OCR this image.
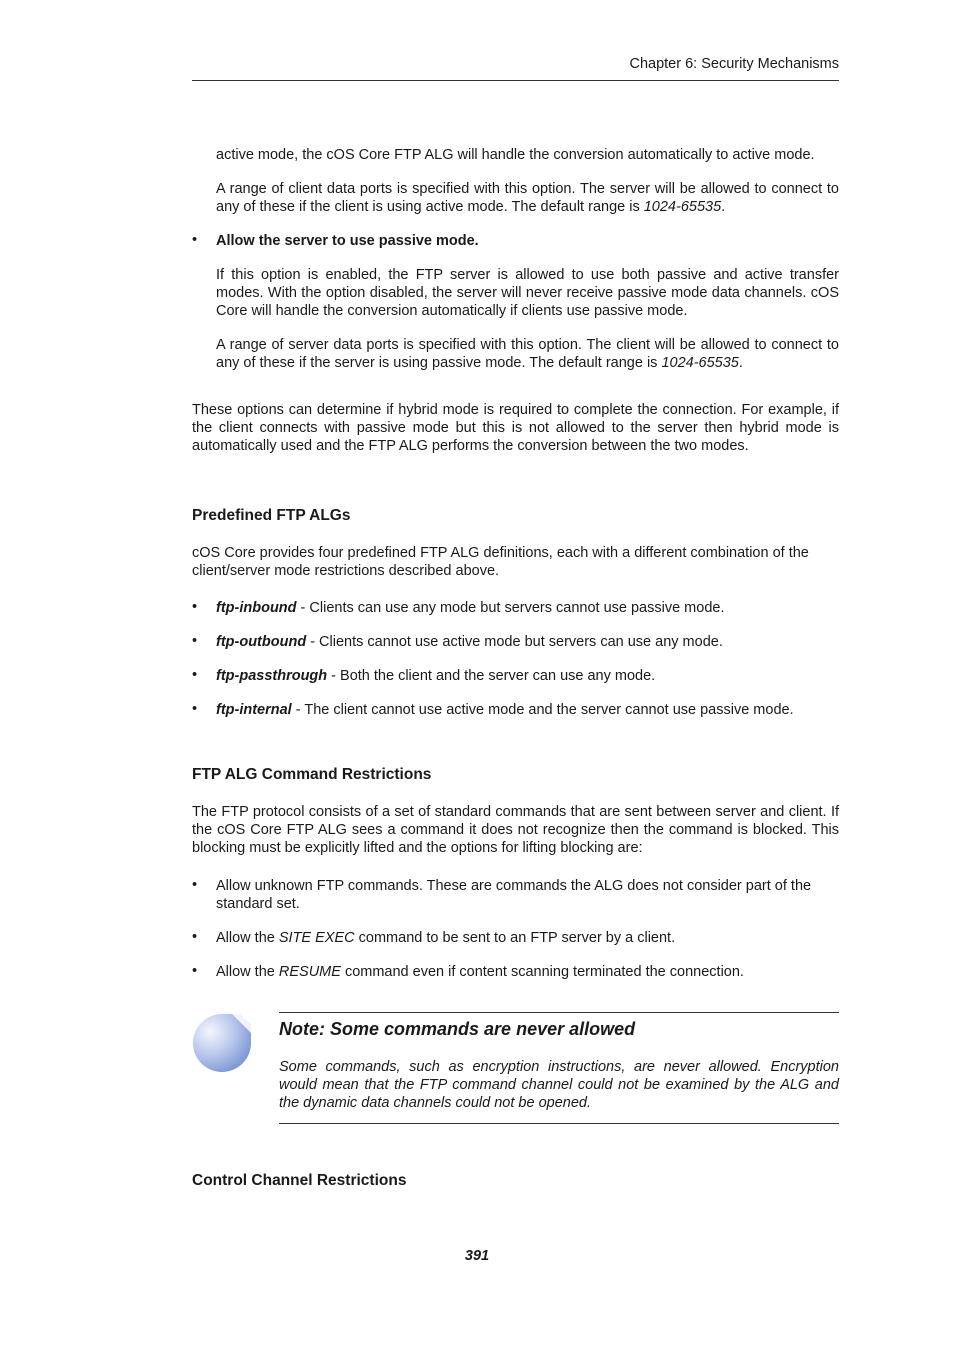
Chapter 6: Security Mechanisms

active mode, the cOS Core FTP ALG will handle the conversion automatically to active mode.

A range of client data ports is specified with this option. The server will be allowed to connect to any of these if the client is using active mode. The default range is 1024-65535.

•	Allow the server to use passive mode.

If this option is enabled, the FTP server is allowed to use both passive and active transfer modes. With the option disabled, the server will never receive passive mode data channels. cOS Core will handle the conversion automatically if clients use passive mode.

A range of server data ports is specified with this option. The client will be allowed to connect to any of these if the server is using passive mode. The default range is 1024-65535.

These options can determine if hybrid mode is required to complete the connection. For example, if the client connects with passive mode but this is not allowed to the server then hybrid mode is automatically used and the FTP ALG performs the conversion between the two modes.

Predefined FTP ALGs

cOS Core provides four predefined FTP ALG definitions, each with a different combination of the client/server mode restrictions described above.

•	ftp-inbound - Clients can use any mode but servers cannot use passive mode.

•	ftp-outbound - Clients cannot use active mode but servers can use any mode.

•	ftp-passthrough - Both the client and the server can use any mode.

•	ftp-internal - The client cannot use active mode and the server cannot use passive mode.

FTP ALG Command Restrictions

The FTP protocol consists of a set of standard commands that are sent between server and client. If the cOS Core FTP ALG sees a command it does not recognize then the command is blocked. This blocking must be explicitly lifted and the options for lifting blocking are:

•	Allow unknown FTP commands. These are commands the ALG does not consider part of the standard set.

•	Allow the SITE EXEC command to be sent to an FTP server by a client.

•	Allow the RESUME command even if content scanning terminated the connection.

Note: Some commands are never allowed

Some commands, such as encryption instructions, are never allowed. Encryption would mean that the FTP command channel could not be examined by the ALG and the dynamic data channels could not be opened.

Control Channel Restrictions
391
